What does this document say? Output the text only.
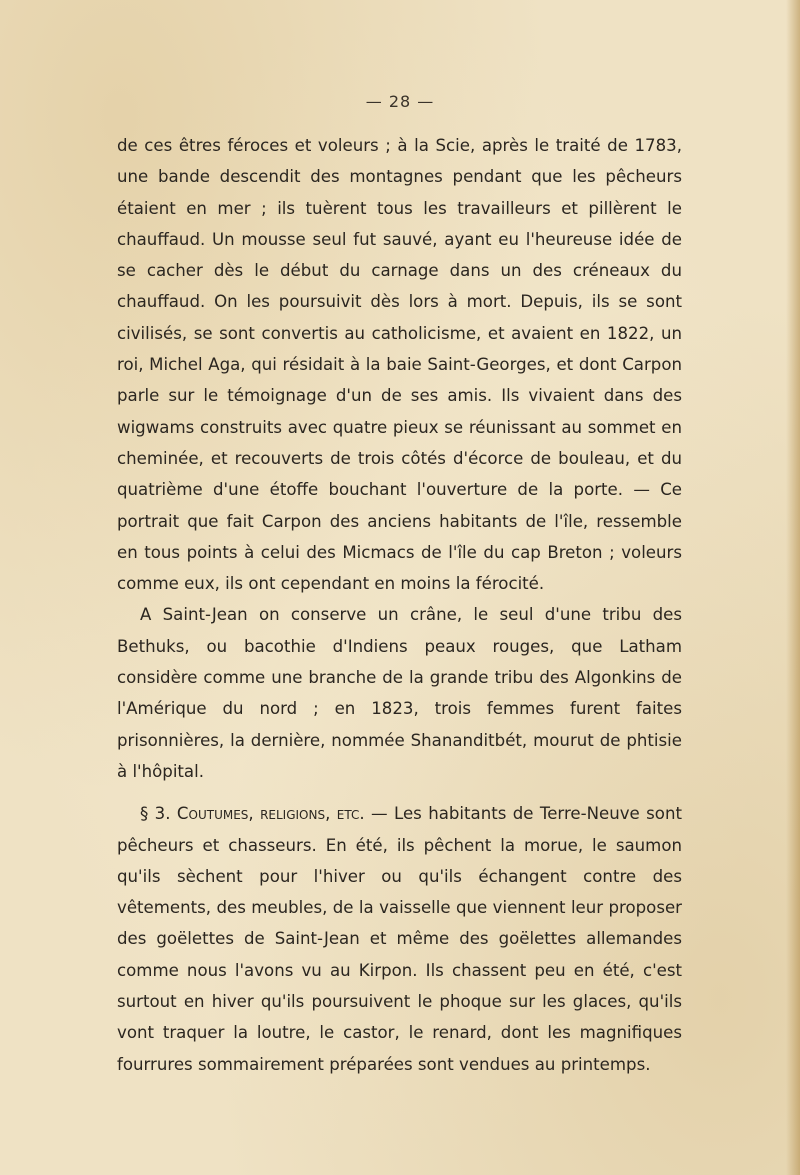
— 28 —

de ces êtres féroces et voleurs ; à la Scie, après le traité de 1783, une bande descendit des montagnes pendant que les pêcheurs étaient en mer ; ils tuèrent tous les travailleurs et pillèrent le chauffaud. Un mousse seul fut sauvé, ayant eu l'heureuse idée de se cacher dès le début du carnage dans un des créneaux du chauffaud. On les poursuivit dès lors à mort. Depuis, ils se sont civilisés, se sont convertis au catholicisme, et avaient en 1822, un roi, Michel Aga, qui résidait à la baie Saint-Georges, et dont Carpon parle sur le témoignage d'un de ses amis. Ils vivaient dans des wigwams construits avec quatre pieux se réunissant au sommet en cheminée, et recouverts de trois côtés d'écorce de bouleau, et du quatrième d'une étoffe bouchant l'ouverture de la porte. — Ce portrait que fait Carpon des anciens habitants de l'île, ressemble en tous points à celui des Micmacs de l'île du cap Breton ; voleurs comme eux, ils ont cependant en moins la férocité.

A Saint-Jean on conserve un crâne, le seul d'une tribu des Bethuks, ou bacothie d'Indiens peaux rouges, que Latham considère comme une branche de la grande tribu des Algonkins de l'Amérique du nord ; en 1823, trois femmes furent faites prisonnières, la dernière, nommée Shananditbét, mourut de phtisie à l'hôpital.

§ 3. Coutumes, religions, etc. — Les habitants de Terre-Neuve sont pêcheurs et chasseurs. En été, ils pêchent la morue, le saumon qu'ils sèchent pour l'hiver ou qu'ils échangent contre des vêtements, des meubles, de la vaisselle que viennent leur proposer des goëlettes de Saint-Jean et même des goëlettes allemandes comme nous l'avons vu au Kirpon. Ils chassent peu en été, c'est surtout en hiver qu'ils poursuivent le phoque sur les glaces, qu'ils vont traquer la loutre, le castor, le renard, dont les magnifiques fourrures sommairement préparées sont vendues au printemps.
